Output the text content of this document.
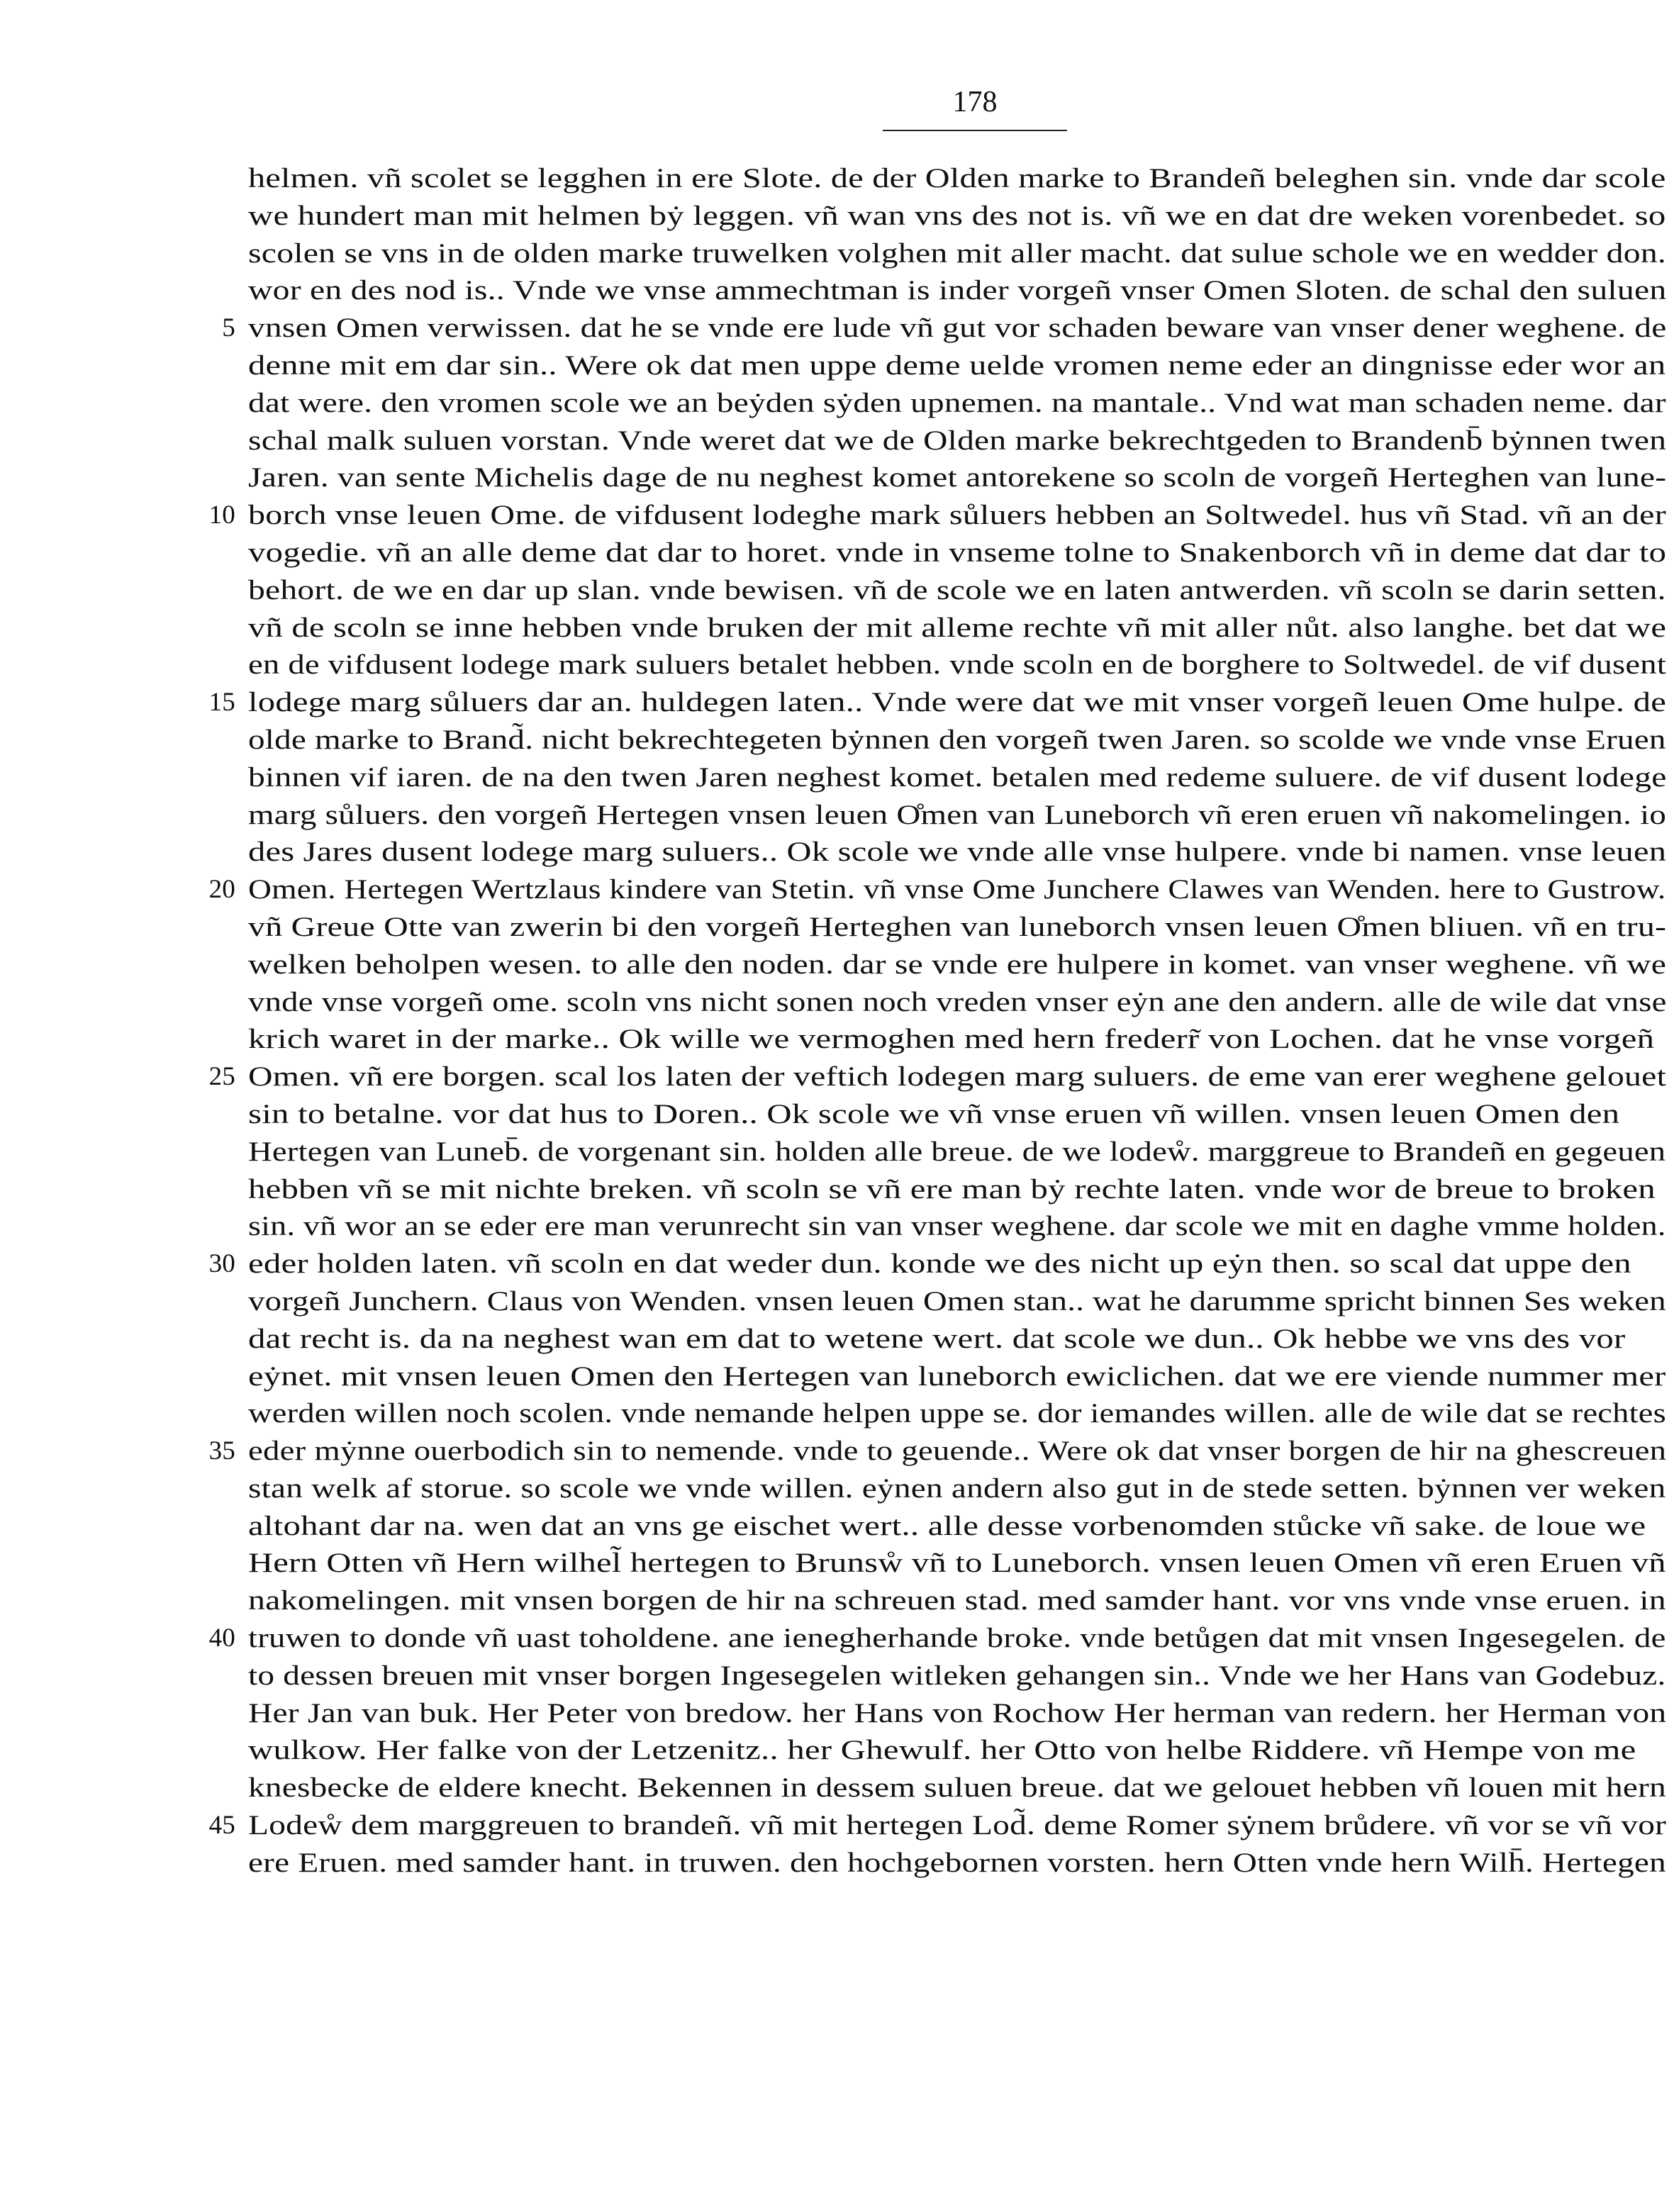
178
helmen. vñ scolet se legghen in ere Slote. de der Olden marke to Brandeñ beleghen sin. vnde dar scole
we hundert man mit helmen bẏ leggen. vñ wan vns des not is. vñ we en dat dre weken vorenbedet. so
scolen se vns in de olden marke truwelken volghen mit aller macht. dat sulue schole we en wedder don.
wor en des nod is.. Vnde we vnse ammechtman is inder vorgeñ vnser Omen Sloten. de schal den suluen
5 vnsen Omen verwissen. dat he se vnde ere lude vñ gut vor schaden beware van vnser dener weghene. de
denne mit em dar sin.. Were ok dat men uppe deme uelde vromen neme eder an dingnisse eder wor an
dat were. den vromen scole we an beẏden sẏden upnemen. na mantale.. Vnd wat man schaden neme. dar
schal malk suluen vorstan. Vnde weret dat we de Olden marke bekrechtgeden to Brandenb̄ bẏnnen twen
Jaren. van sente Michelis dage de nu neghest komet antorekene so scoln de vorgeñ Herteghen van lune-
10 borch vnse leuen Ome. de vifdusent lodeghe mark sůluers hebben an Soltwedel. hus vñ Stad. vñ an der
vogedie. vñ an alle deme dat dar to horet. vnde in vnseme tolne to Snakenborch vñ in deme dat dar to
behort. de we en dar up slan. vnde bewisen. vñ de scole we en laten antwerden. vñ scoln se darin setten.
vñ de scoln se inne hebben vnde bruken der mit alleme rechte vñ mit aller nůt. also langhe. bet dat we
en de vifdusent lodege mark suluers betalet hebben. vnde scoln en de borghere to Soltwedel. de vif dusent
15 lodege marg sůluers dar an. huldegen laten.. Vnde were dat we mit vnser vorgeñ leuen Ome hulpe. de
olde marke to Brand̃. nicht bekrechtegeten bẏnnen den vorgeñ twen Jaren. so scolde we vnde vnse Eruen
binnen vif iaren. de na den twen Jaren neghest komet. betalen med redeme suluere. de vif dusent lodege
marg sůluers. den vorgeñ Hertegen vnsen leuen O̊men van Luneborch vñ eren eruen vñ nakomelingen. io
des Jares dusent lodege marg suluers.. Ok scole we vnde alle vnse hulpere. vnde bi namen. vnse leuen
20 Omen. Hertegen Wertzlaus kindere van Stetin. vñ vnse Ome Junchere Clawes van Wenden. here to Gustrow.
vñ Greue Otte van zwerin bi den vorgeñ Herteghen van luneborch vnsen leuen O̊men bliuen. vñ en tru-
welken beholpen wesen. to alle den noden. dar se vnde ere hulpere in komet. van vnser weghene. vñ we
vnde vnse vorgeñ ome. scoln vns nicht sonen noch vreden vnser eẏn ane den andern. alle de wile dat vnse
krich waret in der marke.. Ok wille we vermoghen med hern frederr̃ von Lochen. dat he vnse vorgeñ
25 Omen. vñ ere borgen. scal los laten der veftich lodegen marg suluers. de eme van erer weghene gelouet
sin to betalne. vor dat hus to Doren.. Ok scole we vñ vnse eruen vñ willen. vnsen leuen Omen den
Hertegen van Luneb̄. de vorgenant sin. holden alle breue. de we lodeẘ. marggreue to Brandeñ en gegeuen
hebben vñ se mit nichte breken. vñ scoln se vñ ere man bẏ rechte laten. vnde wor de breue to broken
sin. vñ wor an se eder ere man verunrecht sin van vnser weghene. dar scole we mit en daghe vmme holden.
30 eder holden laten. vñ scoln en dat weder dun. konde we des nicht up eẏn then. so scal dat uppe den
vorgeñ Junchern. Claus von Wenden. vnsen leuen Omen stan.. wat he darumme spricht binnen Ses weken
dat recht is. da na neghest wan em dat to wetene wert. dat scole we dun.. Ok hebbe we vns des vor
eẏnet. mit vnsen leuen Omen den Hertegen van luneborch ewiclichen. dat we ere viende nummer mer
werden willen noch scolen. vnde nemande helpen uppe se. dor iemandes willen. alle de wile dat se rechtes
35 eder mẏnne ouerbodich sin to nemende. vnde to geuende.. Were ok dat vnser borgen de hir na ghescreuen
stan welk af storue. so scole we vnde willen. eẏnen andern also gut in de stede setten. bẏnnen ver weken
altohant dar na. wen dat an vns ge eischet wert.. alle desse vorbenomden stůcke vñ sake. de loue we
Hern Otten vñ Hern wilhel̃ hertegen to Brunsẘ vñ to Luneborch. vnsen leuen Omen vñ eren Eruen vñ
nakomelingen. mit vnsen borgen de hir na schreuen stad. med samder hant. vor vns vnde vnse eruen. in
40 truwen to donde vñ uast toholdene. ane ienegherhande broke. vnde betůgen dat mit vnsen Ingesegelen. de
to dessen breuen mit vnser borgen Ingesegelen witleken gehangen sin.. Vnde we her Hans van Godebuz.
Her Jan van buk. Her Peter von bredow. her Hans von Rochow Her herman van redern. her Herman von
wulkow. Her falke von der Letzenitz.. her Ghewulf. her Otto von helbe Riddere. vñ Hempe von me
knesbecke de eldere knecht. Bekennen in dessem suluen breue. dat we gelouet hebben vñ louen mit hern
45 Lodeẘ dem marggreuen to brandeñ. vñ mit hertegen Lod̃. deme Romer sẏnem brůdere. vñ vor se vñ vor
ere Eruen. med samder hant. in truwen. den hochgebornen vorsten. hern Otten vnde hern Wilh̄. Hertegen
